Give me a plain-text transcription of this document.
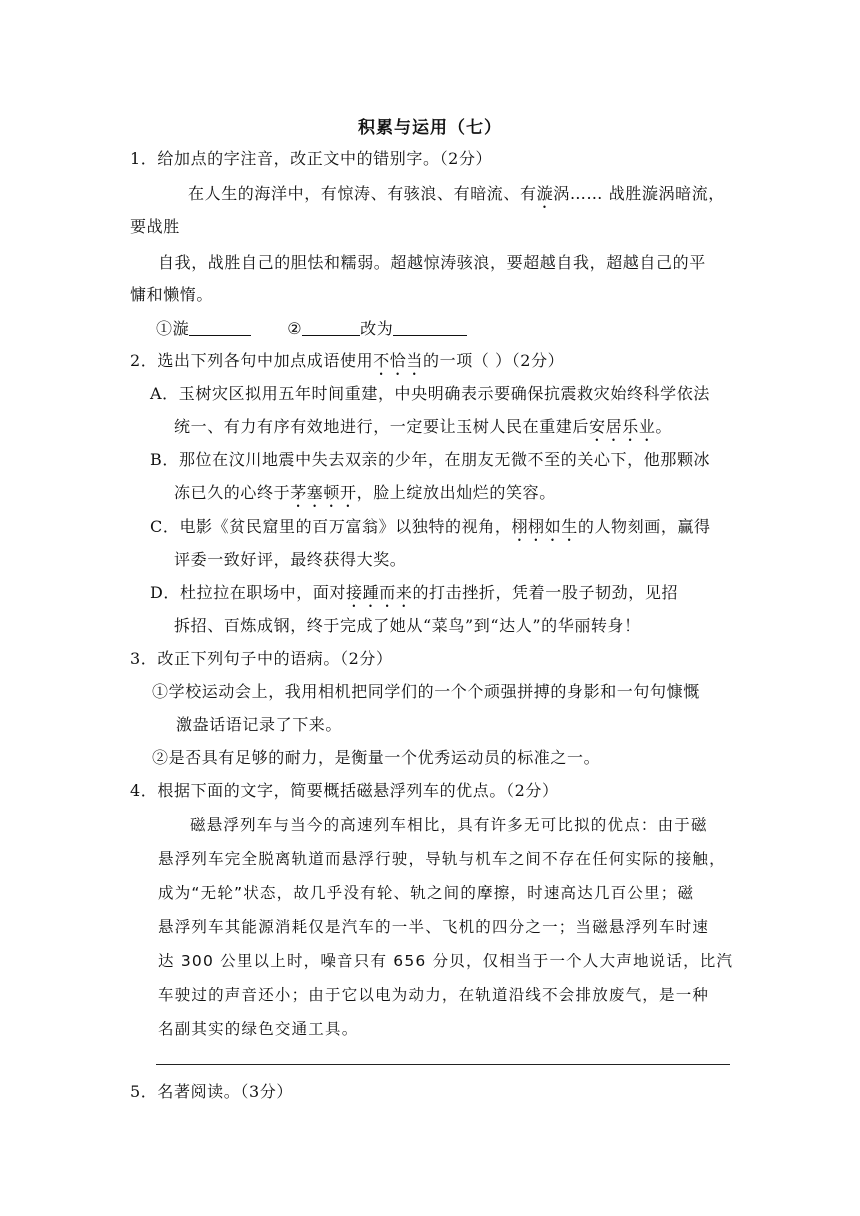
积累与运用（七）
1．给加点的字注音，改正文中的错别字。（2分）
在人生的海洋中，有惊涛、有骇浪、有暗流、有漩涡…… 战胜漩涡暗流，
要战胜
自我，战胜自己的胆怯和糯弱。超越惊涛骇浪，要超越自我，超越自己的平
慵和懒惰。
①漩	②	改为
2．选出下列各句中加点成语使用不恰当的一项（ ）（2分）
A．玉树灾区拟用五年时间重建，中央明确表示要确保抗震救灾始终科学依法
统一、有力有序有效地进行，一定要让玉树人民在重建后安居乐业。
B．那位在汶川地震中失去双亲的少年，在朋友无微不至的关心下，他那颗冰
冻已久的心终于茅塞顿开，脸上绽放出灿烂的笑容。
C．电影《贫民窟里的百万富翁》以独特的视角，栩栩如生的人物刻画，赢得
评委一致好评，最终获得大奖。
D．杜拉拉在职场中，面对接踵而来的打击挫折，凭着一股子韧劲，见招
拆招、百炼成钢，终于完成了她从“菜鸟”到“达人”的华丽转身！
3．改正下列句子中的语病。（2分）
①学校运动会上，我用相机把同学们的一个个顽强拼搏的身影和一句句慷慨
激盎话语记录了下来。
②是否具有足够的耐力，是衡量一个优秀运动员的标准之一。
4．根据下面的文字，简要概括磁悬浮列车的优点。（2分）
磁悬浮列车与当今的高速列车相比，具有许多无可比拟的优点：由于磁
悬浮列车完全脱离轨道而悬浮行驶，导轨与机车之间不存在任何实际的接触，
成为“无轮”状态，故几乎没有轮、轨之间的摩擦，时速高达几百公里；磁
悬浮列车其能源消耗仅是汽车的一半、飞机的四分之一；当磁悬浮列车时速
达 300 公里以上时，噪音只有 656 分贝，仅相当于一个人大声地说话，比汽
车驶过的声音还小；由于它以电为动力，在轨道沿线不会排放废气，是一种
名副其实的绿色交通工具。
5．名著阅读。（3分）
